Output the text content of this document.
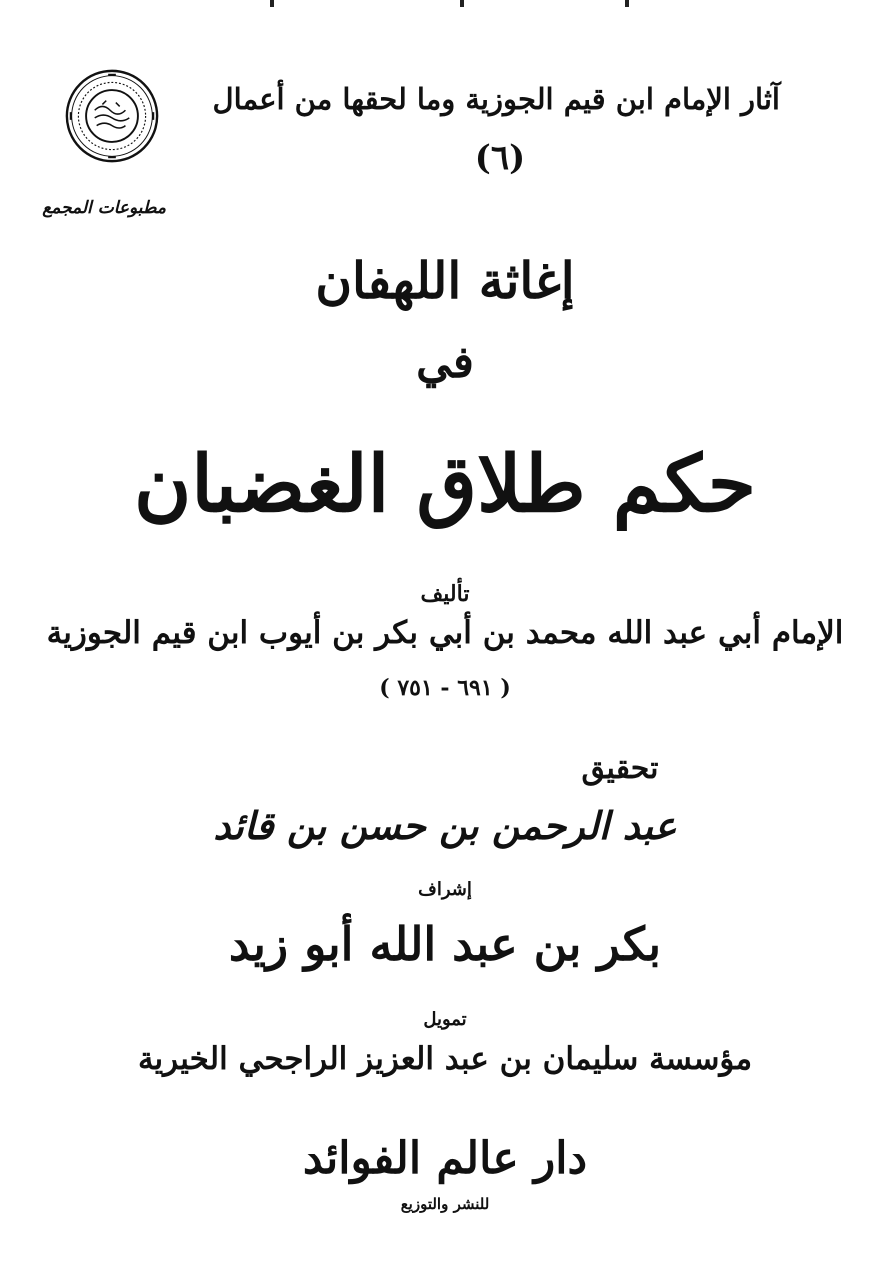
مطبوعات المجمع
آثار الإمام ابن قيم الجوزية وما لحقها من أعمال
(٦)
إغاثة اللهفان
في
حكم طلاق الغضبان
تأليف
الإمام أبي عبد الله محمد بن أبي بكر بن أيوب ابن قيم الجوزية
( ٦٩١ - ٧٥١ )
تحقيق
عبد الرحمن بن حسن بن قائد
إشراف
بكر بن عبد الله أبو زيد
تمويل
مؤسسة سليمان بن عبد العزيز الراجحي الخيرية
دار عالم الفوائد
للنشر والتوزيع
